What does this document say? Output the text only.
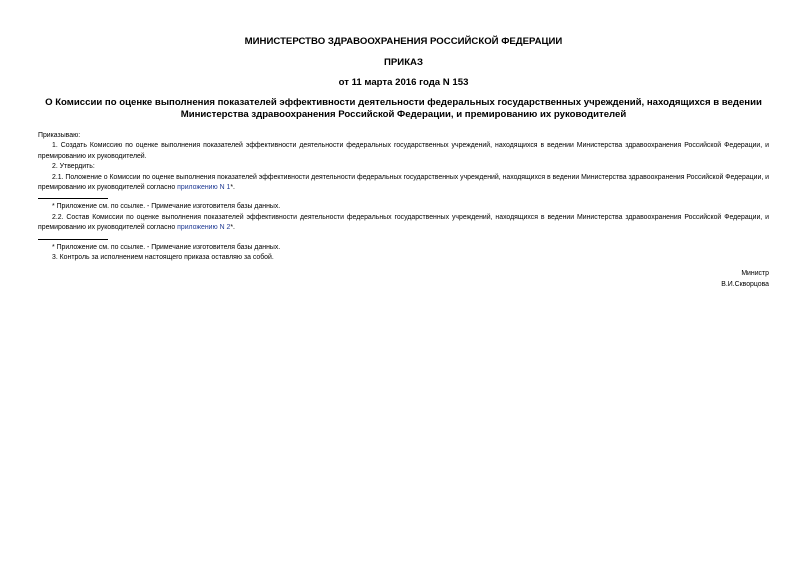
МИНИСТЕРСТВО ЗДРАВООХРАНЕНИЯ РОССИЙСКОЙ ФЕДЕРАЦИИ

ПРИКАЗ

от 11 марта 2016 года N 153

О Комиссии по оценке выполнения показателей эффективности деятельности федеральных государственных учреждений, находящихся в ведении Министерства здравоохранения Российской Федерации, и премированию их руководителей

Приказываю:

1. Создать Комиссию по оценке выполнения показателей эффективности деятельности федеральных государственных учреждений, находящихся в ведении Министерства здравоохранения Российской Федерации, и премированию их руководителей.

2. Утвердить:

2.1. Положение о Комиссии по оценке выполнения показателей эффективности деятельности федеральных государственных учреждений, находящихся в ведении Министерства здравоохранения Российской Федерации, и премированию их руководителей согласно приложению N 1*.

* Приложение см. по ссылке. - Примечание изготовителя базы данных.

2.2. Состав Комиссии по оценке выполнения показателей эффективности деятельности федеральных государственных учреждений, находящихся в ведении Министерства здравоохранения Российской Федерации, и премированию их руководителей согласно приложению N 2*.

* Приложение см. по ссылке. - Примечание изготовителя базы данных.

3. Контроль за исполнением настоящего приказа оставляю за собой.

Министр
В.И.Скворцова
